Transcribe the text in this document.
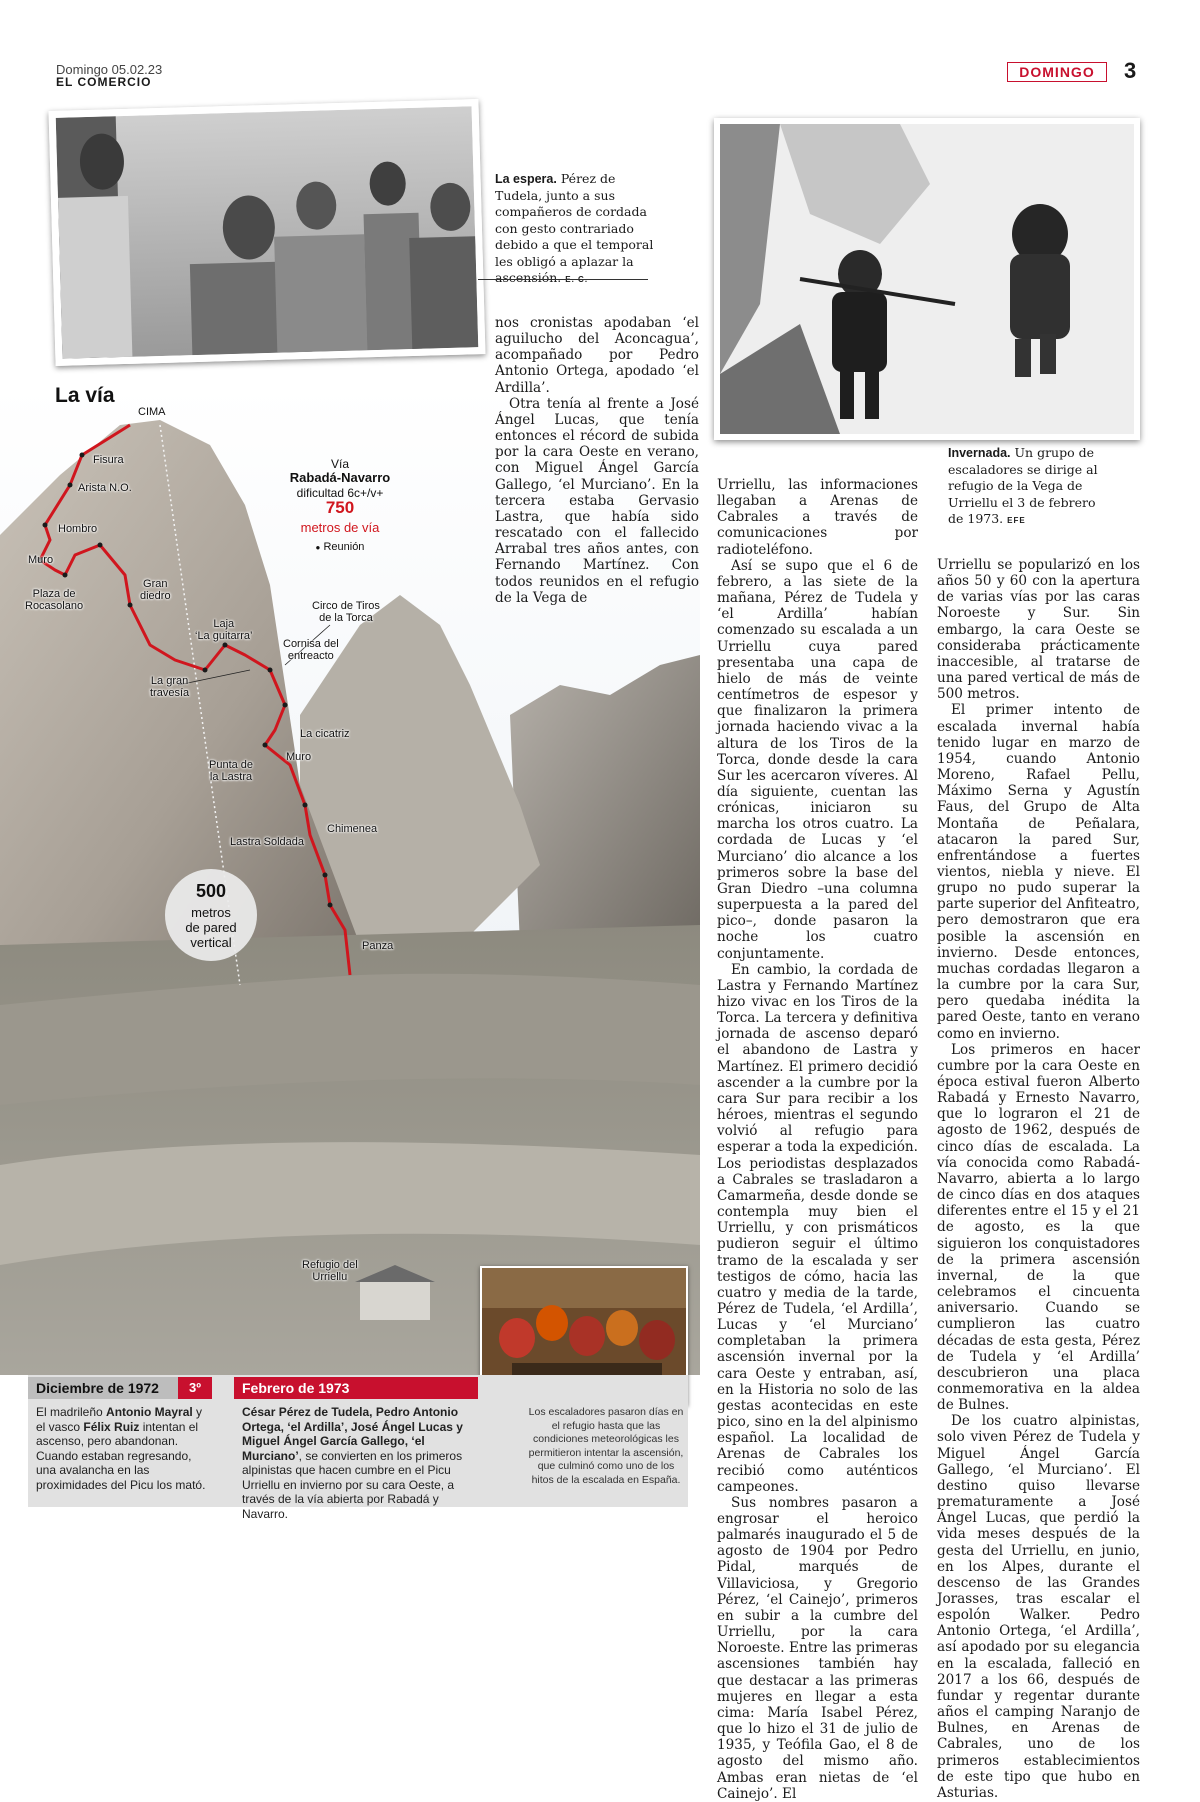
Domingo 05.02.23
EL COMERCIO
DOMINGO	3
La espera. Pérez de Tudela, junto a sus compañeros de cordada con gesto contrariado debido a que el temporal les obligó a aplazar la ascensión. E. C.
Invernada. Un grupo de escaladores se dirige al refugio de la Vega de Urriellu el 3 de febrero de 1973. EFE
La vía
CIMA
Vía
Rabadá-Navarro
dificultad 6c+/v+
750
metros de vía
● Reunión
Fisura
Arista N.O.
Hombro
Muro
Plaza de
Rocasolano
Gran
diedro
Laja
‘La guitarra’
Circo de Tiros
de la Torca
Cornisa del
entreacto
La gran
travesía
La cicatriz
Muro
Punta de
la Lastra
Chimenea
Lastra Soldada
Panza
Refugio del
Urriellu
500
metros
de pared
vertical
Diciembre de 1972	3º
El madrileño Antonio Mayral y el vasco Félix Ruiz intentan el ascenso, pero abandonan. Cuando estaban regresando, una avalancha en las proximidades del Picu los mató.
Febrero de 1973
César Pérez de Tudela, Pedro Antonio Ortega, ‘el Ardilla’, José Ángel Lucas y Miguel Ángel García Gallego, ‘el Murciano’, se convierten en los primeros alpinistas que hacen cumbre en el Picu Urriellu en invierno por su cara Oeste, a través de la vía abierta por Rabadá y Navarro.
Los escaladores pasaron días en el refugio hasta que las condiciones meteorológicas les permitieron intentar la ascensión, que culminó como uno de los hitos de la escalada en España.

nos cronistas apodaban ‘el aguilucho del Aconcagua’, acompañado por Pedro Antonio Ortega, apodado ‘el Ardilla’.

Otra tenía al frente a José Ángel Lucas, que tenía entonces el récord de subida por la cara Oeste en verano, con Miguel Ángel García Gallego, ‘el Murciano’. En la tercera estaba Gervasio Lastra, que había sido rescatado con el fallecido Arrabal tres años antes, con Fernando Martínez. Con todos reunidos en el refugio de la Vega de

Urriellu, las informaciones llegaban a Arenas de Cabrales a través de comunicaciones por radioteléfono.

Así se supo que el 6 de febrero, a las siete de la mañana, Pérez de Tudela y ‘el Ardilla’ habían comenzado su escalada a un Urriellu cuya pared presentaba una capa de hielo de más de veinte centímetros de espesor y que finalizaron la primera jornada haciendo vivac a la altura de los Tiros de la Torca, donde desde la cara Sur les acercaron víveres. Al día siguiente, cuentan las crónicas, iniciaron su marcha los otros cuatro. La cordada de Lucas y ‘el Murciano’ dio alcance a los primeros sobre la base del Gran Diedro –una columna superpuesta a la pared del pico–, donde pasaron la noche los cuatro conjuntamente.

En cambio, la cordada de Lastra y Fernando Martínez hizo vivac en los Tiros de la Torca. La tercera y definitiva jornada de ascenso deparó el abandono de Lastra y Martínez. El primero decidió ascender a la cumbre por la cara Sur para recibir a los héroes, mientras el segundo volvió al refugio para esperar a toda la expedición. Los periodistas desplazados a Cabrales se trasladaron a Camarmeña, desde donde se contempla muy bien el Urriellu, y con prismáticos pudieron seguir el último tramo de la escalada y ser testigos de cómo, hacia las cuatro y media de la tarde, Pérez de Tudela, ‘el Ardilla’, Lucas y ‘el Murciano’ completaban la primera ascensión invernal por la cara Oeste y entraban, así, en la Historia no solo de las gestas acontecidas en este pico, sino en la del alpinismo español. La localidad de Arenas de Cabrales los recibió como auténticos campeones.

Sus nombres pasaron a engrosar el heroico palmarés inaugurado el 5 de agosto de 1904 por Pedro Pidal, marqués de Villaviciosa, y Gregorio Pérez, ‘el Cainejo’, primeros en subir a la cumbre del Urriellu, por la cara Noroeste. Entre las primeras ascensiones también hay que destacar a las primeras mujeres en llegar a esta cima: María Isabel Pérez, que lo hizo el 31 de julio de 1935, y Teófila Gao, el 8 de agosto del mismo año. Ambas eran nietas de ‘el Cainejo’. El

Urriellu se popularizó en los años 50 y 60 con la apertura de varias vías por las caras Noroeste y Sur. Sin embargo, la cara Oeste se consideraba prácticamente inaccesible, al tratarse de una pared vertical de más de 500 metros.

El primer intento de escalada invernal había tenido lugar en marzo de 1954, cuando Antonio Moreno, Rafael Pellu, Máximo Serna y Agustín Faus, del Grupo de Alta Montaña de Peñalara, atacaron la pared Sur, enfrentándose a fuertes vientos, niebla y nieve. El grupo no pudo superar la parte superior del Anfiteatro, pero demostraron que era posible la ascensión en invierno. Desde entonces, muchas cordadas llegaron a la cumbre por la cara Sur, pero quedaba inédita la pared Oeste, tanto en verano como en invierno.

Los primeros en hacer cumbre por la cara Oeste en época estival fueron Alberto Rabadá y Ernesto Navarro, que lo lograron el 21 de agosto de 1962, después de cinco días de escalada. La vía conocida como Rabadá-Navarro, abierta a lo largo de cinco días en dos ataques diferentes entre el 15 y el 21 de agosto, es la que siguieron los conquistadores de la primera ascensión invernal, de la que celebramos el cincuenta aniversario. Cuando se cumplieron las cuatro décadas de esta gesta, Pérez de Tudela y ‘el Ardilla’ descubrieron una placa conmemorativa en la aldea de Bulnes.

De los cuatro alpinistas, solo viven Pérez de Tudela y Miguel Ángel García Gallego, ‘el Murciano’. El destino quiso llevarse prematuramente a José Ángel Lucas, que perdió la vida meses después de la gesta del Urriellu, en junio, en los Alpes, durante el descenso de las Grandes Jorasses, tras escalar el espolón Walker. Pedro Antonio Ortega, ‘el Ardilla’, así apodado por su elegancia en la escalada, falleció en 2017 a los 66, después de fundar y regentar durante años el camping Naranjo de Bulnes, en Arenas de Cabrales, uno de los primeros establecimientos de este tipo que hubo en Asturias.
